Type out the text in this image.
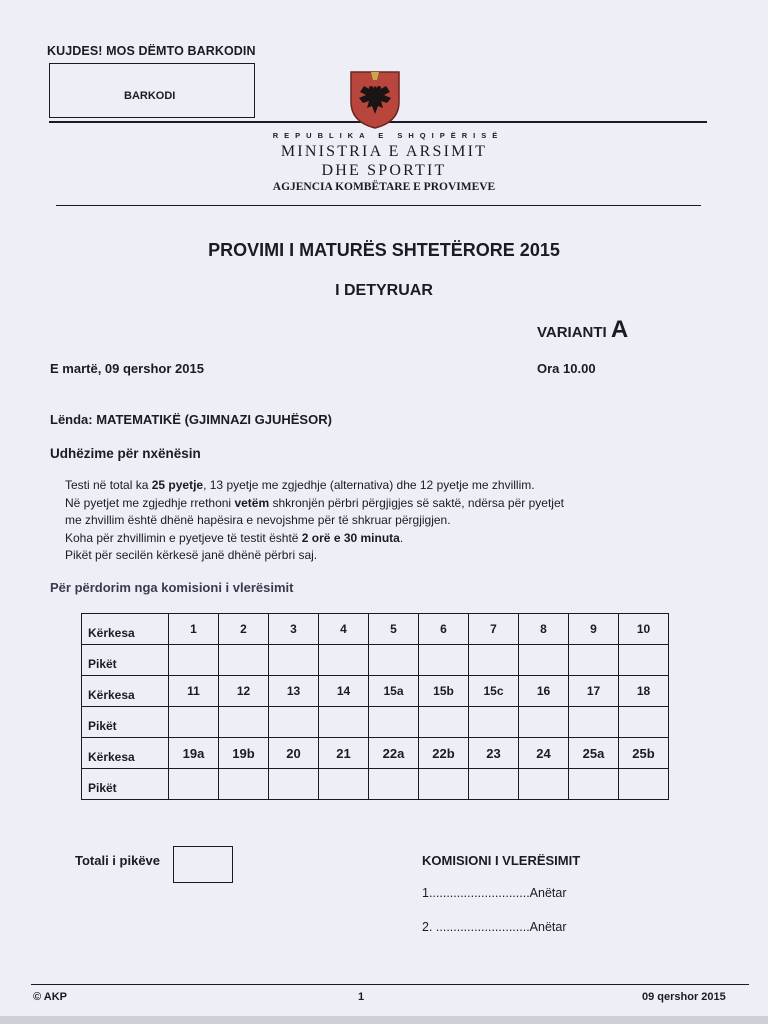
KUJDES! MOS DËMTO BARKODIN
BARKODI
REPUBLIKA E SHQIPËRISË
MINISTRIA E ARSIMIT
DHE SPORTIT
AGJENCIA KOMBËTARE E PROVIMEVE
PROVIMI I MATURËS SHTETËRORE 2015
I DETYRUAR
VARIANTI A
E martë, 09 qershor 2015	Ora 10.00
Lënda: MATEMATIKË (GJIMNAZI GJUHËSOR)
Udhëzime për nxënësin

Testi në total ka 25 pyetje, 13 pyetje me zgjedhje (alternativa) dhe 12 pyetje me zhvillim.

Në pyetjet me zgjedhje rrethoni vetëm shkronjën përbri përgjigjes së saktë, ndërsa për pyetjet

me zhvillim është dhënë hapësira e nevojshme për të shkruar përgjigjen.

Koha për zhvillimin e pyetjeve të testit është 2 orë e 30 minuta.

Pikët për secilën kërkesë janë dhënë përbri saj.

Për përdorim nga komisioni i vlerësimit
Kërkesa	1	2	3	4	5	6	7	8	9	10
Pikët										
Kërkesa	11	12	13	14	15a	15b	15c	16	17	18
Pikët										
Kërkesa	19a	19b	20	21	22a	22b	23	24	25a	25b
Pikët										
Totali i pikëve	KOMISIONI I VLERËSIMIT
1.............................Anëtar
2. ...........................Anëtar
© AKP	1	09 qershor 2015
